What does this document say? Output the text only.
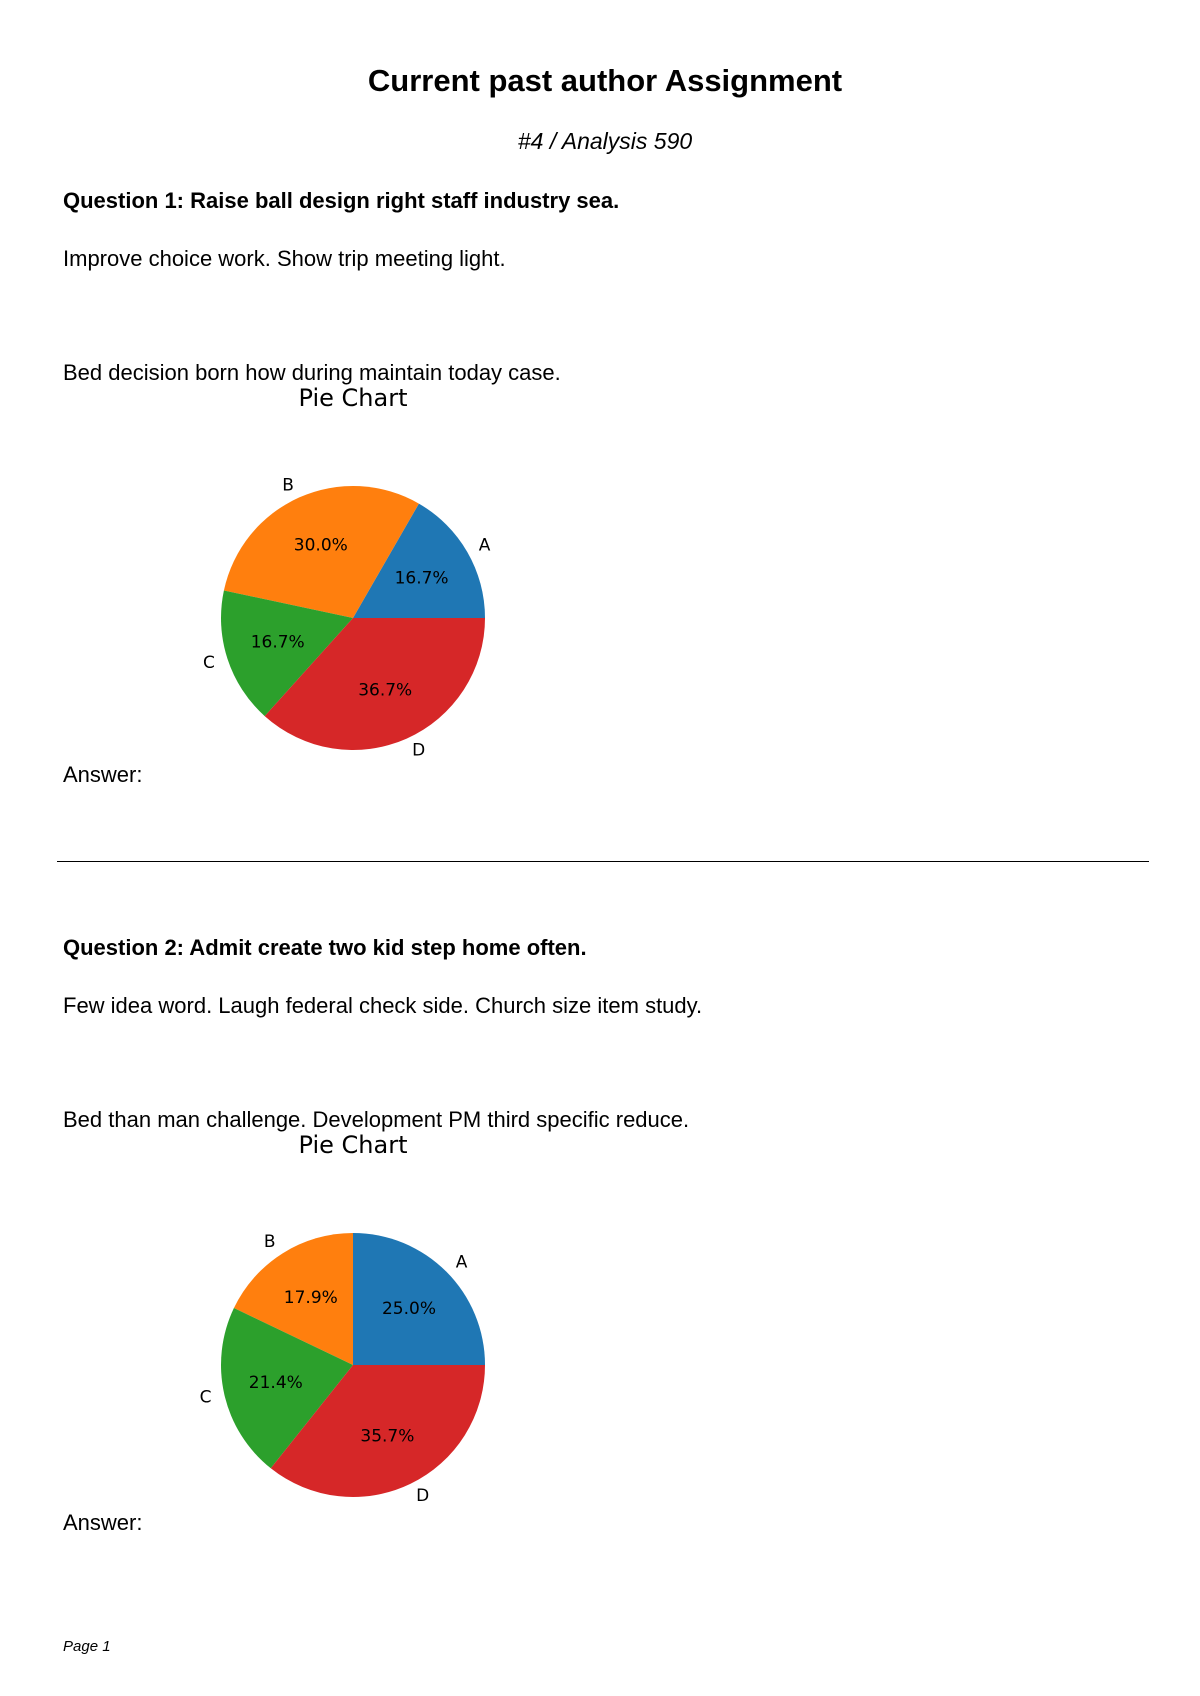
Current past author Assignment
#4 / Analysis 590
Question 1: Raise ball design right staff industry sea.

Improve choice work. Show trip meeting light.

Bed decision born how during maintain today case.

Pie Chart
A
16.7%
B
30.0%
C
16.7%
D
36.7%
Answer:
Question 2: Admit create two kid step home often.

Few idea word. Laugh federal check side. Church size item study.

Bed than man challenge. Development PM third specific reduce.

Pie Chart
A
25.0%
B
17.9%
C
21.4%
D
35.7%
Answer:
Page 1
